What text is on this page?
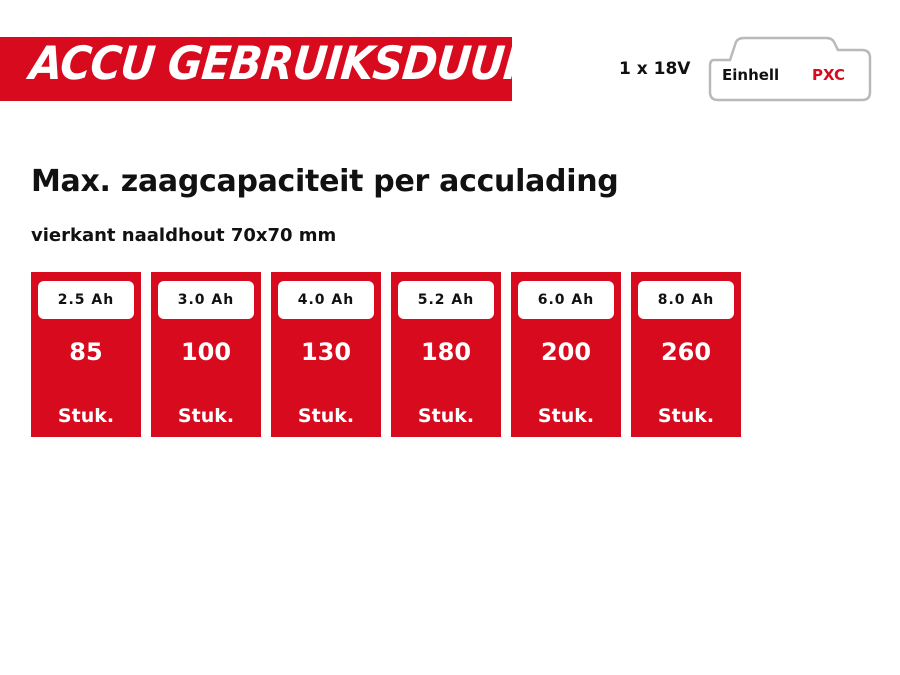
ACCU GEBRUIKSDUUR	1 x 18V Einhell PXC
Max. zaagcapaciteit per acculading
vierkant naaldhout 70x70 mm
2.5 Ah
85
Stuk.
3.0 Ah
100
Stuk.
4.0 Ah
130
Stuk.
5.2 Ah
180
Stuk.
6.0 Ah
200
Stuk.
8.0 Ah
260
Stuk.
